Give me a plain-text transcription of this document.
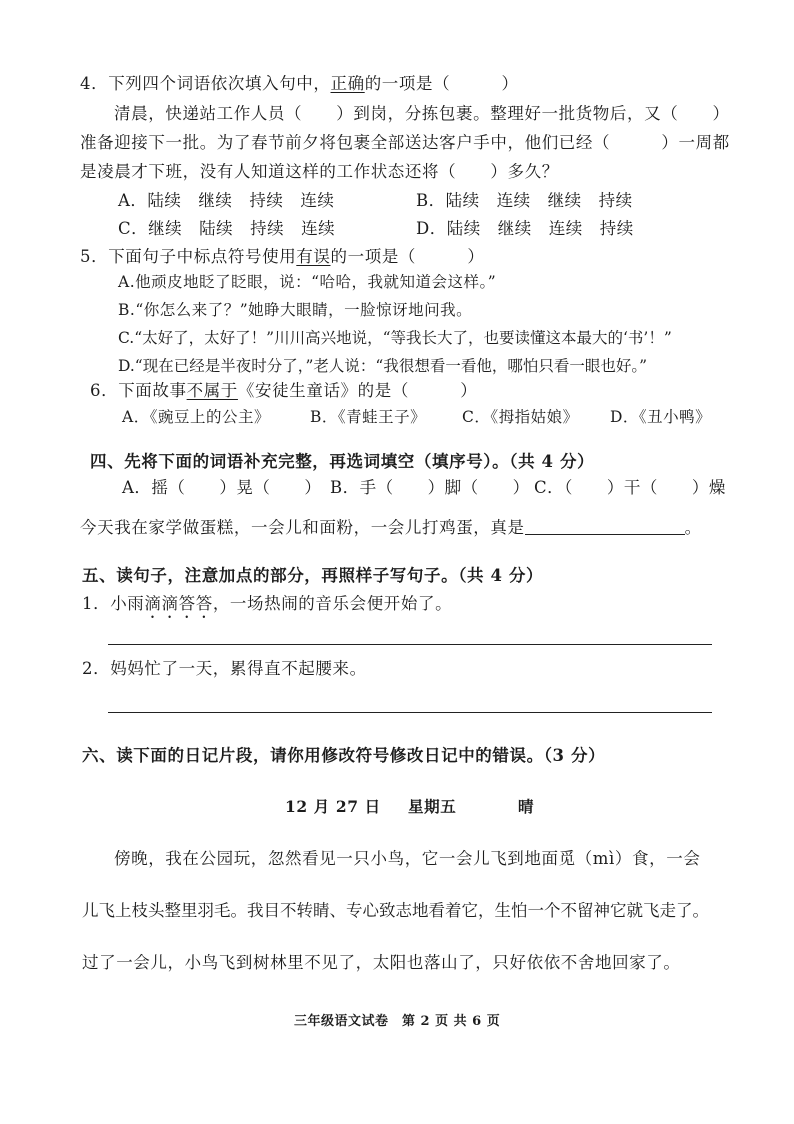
4．下列四个词语依次填入句中，正确的一项是（　　　）
清晨，快递站工作人员（　　）到岗，分拣包裹。整理好一批货物后，又（　　）
准备迎接下一批。为了春节前夕将包裹全部送达客户手中，他们已经（　　　）一周都
是凌晨才下班，没有人知道这样的工作状态还将（　　）多久？
A．陆续　继续　持续　连续	B．陆续　连续　继续　持续
C．继续　陆续　持续　连续	D．陆续　继续　连续　持续
5．下面句子中标点符号使用有误的一项是（　　　）
A.他顽皮地眨了眨眼，说：“哈哈，我就知道会这样。”
B.“你怎么来了？”她睁大眼睛，一脸惊讶地问我。
C.“太好了，太好了！”川川高兴地说，“等我长大了，也要读懂这本最大的‘书’！”
D.“现在已经是半夜时分了，”老人说：“我很想看一看他，哪怕只看一眼也好。”
6．下面故事不属于《安徒生童话》的是（　　　）
A．《豌豆上的公主》	B．《青蛙王子》 C．《拇指姑娘》 D．《丑小鸭》
四、先将下面的词语补充完整，再选词填空（填序号）。（共 4 分）
A．摇（　　）晃（　　） B．手（　　）脚（　　） C．（　　）干（　　）燥
今天我在家学做蛋糕，一会儿和面粉，一会儿打鸡蛋，真是	。
五、读句子，注意加点的部分，再照样子写句子。（共 4 分）
1．小雨滴滴答答，一场热闹的音乐会便开始了。
2．妈妈忙了一天，累得直不起腰来。
六、读下面的日记片段，请你用修改符号修改日记中的错误。（3 分）
12 月 27 日 星期五	晴
傍晚，我在公园玩，忽然看见一只小鸟，它一会儿飞到地面觅（mì）食，一会
儿飞上枝头整里羽毛。我目不转睛、专心致志地看着它，生怕一个不留神它就飞走了。
过了一会儿，小鸟飞到树林里不见了，太阳也落山了，只好依依不舍地回家了。
三年级语文试卷　第 2 页 共 6 页
